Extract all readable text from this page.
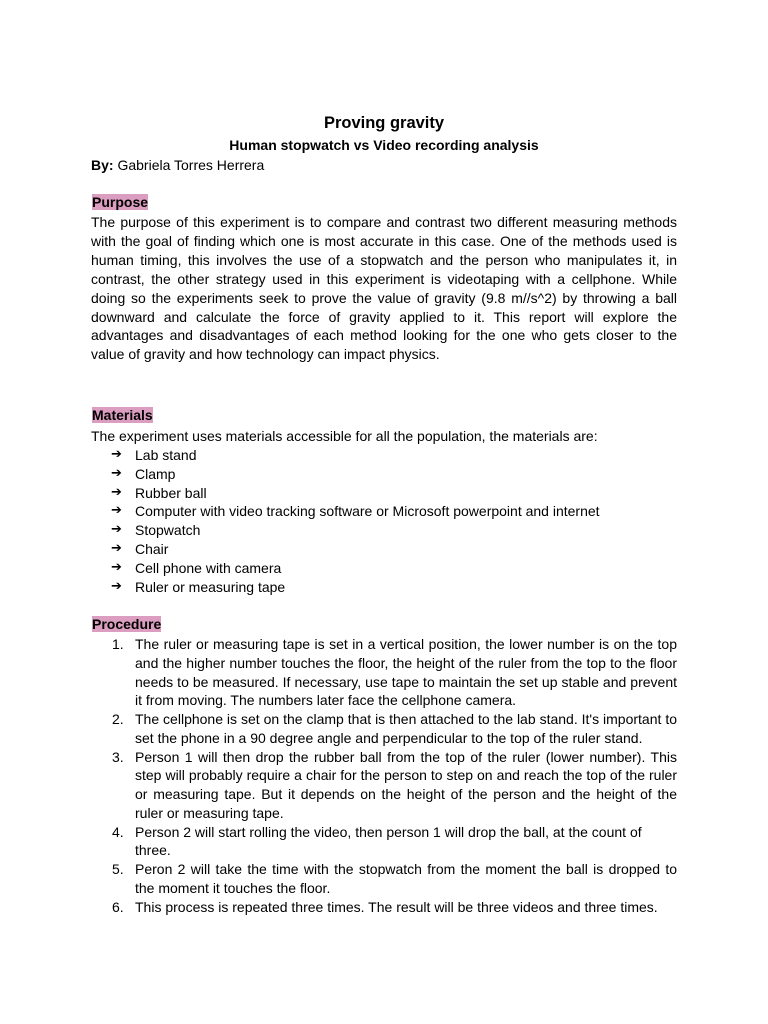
Proving gravity
Human stopwatch vs Video recording analysis
By: Gabriela Torres Herrera
Purpose
The purpose of this experiment is to compare and contrast two different measuring methods with the goal of finding which one is most accurate in this case. One of the methods used is human timing, this involves the use of a stopwatch and the person who manipulates it, in contrast, the other strategy used in this experiment is videotaping with a cellphone. While doing so the experiments seek to prove the value of gravity (9.8 m//s^2) by throwing a ball downward and calculate the force of gravity applied to it. This report will explore the advantages and disadvantages of each method looking for the one who gets closer to the value of gravity and how technology can impact physics.
Materials
The experiment uses materials accessible for all the population, the materials are:
➔ Lab stand
➔ Clamp
➔ Rubber ball
➔ Computer with video tracking software or Microsoft powerpoint and internet
➔ Stopwatch
➔ Chair
➔ Cell phone with camera
➔ Ruler or measuring tape
Procedure
1. The ruler or measuring tape is set in a vertical position, the lower number is on the top and the higher number touches the floor, the height of the ruler from the top to the floor needs to be measured. If necessary, use tape to maintain the set up stable and prevent it from moving. The numbers later face the cellphone camera.
2. The cellphone is set on the clamp that is then attached to the lab stand. It's important to set the phone in a 90 degree angle and perpendicular to the top of the ruler stand.
3. Person 1 will then drop the rubber ball from the top of the ruler (lower number). This step will probably require a chair for the person to step on and reach the top of the ruler or measuring tape. But it depends on the height of the person and the height of the ruler or measuring tape.
4. Person 2 will start rolling the video, then person 1 will drop the ball, at the count of three.
5. Peron 2 will take the time with the stopwatch from the moment the ball is dropped to the moment it touches the floor.
6. This process is repeated three times. The result will be three videos and three times.
